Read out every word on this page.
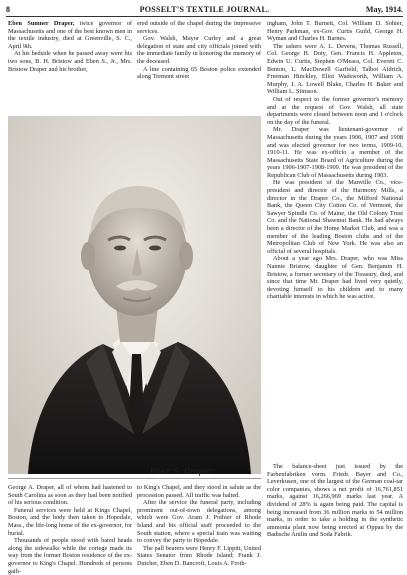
8	POSSELT'S TEXTILE JOURNAL.	May, 1914.

Eben Sumner Draper, twice governor of Massachusetts and one of the best known men in the textile industry, died at Greenville, S. C., April 9th.

At his bedside when he passed away were his two sons, B. H. Bristow and Eben S., Jr., Mrs. Bristow Draper and his brother,

ered outside of the chapel during the impressive services.

Gov. Walsh, Mayor Curley and a great delegation of state and city officials joined with the immediate family in honoring the memory of the deceased.

A line containing 65 Boston police extended along Tremont street

Eben S. Draper

ingham, John T. Burnett, Col. William D. Sohier, Henry Parkman, ex-Gov. Curtis Guild, George H. Wyman and Charles H. Barnes.

The ushers were A. L. Devens, Thomas Russell, Col. George H. Doty, Gen. Francis H. Appleton, Edwin U. Curtis, Stephen O'Meara, Col. Everett C. Benton, L. MacDowell Garfield, Talbot Aldrich, Freeman Hinckley, Eliot Wadsworth, William A. Murphy, J. A. Lowell Blake, Charles H. Baker and William L. Stimson.

Out of respect to the former governor's memory and at the request of Gov. Walsh, all state departments were closed between noon and 1 o'clock on the day of the funeral.

Mr. Draper was lieutenant-governor of Massachusetts during the years 1906, 1907 and 1908 and was elected governor for two terms, 1909-10, 1910-11. He was ex-officio a member of the Massachusetts State Board of Agriculture during the years 1906-1907-1908-1909. He was president of the Republican Club of Massachusetts during 1903.

He was president of the Manville Co., vice-president and director of the Harmony Mills, a director in the Draper Co., the Milford National Bank, the Queen City Cotton Co. of Vermont, the Sawyer Spindle Co. of Maine, the Old Colony Trust Co. and the National Shawmut Bank. He had always been a director of the Home Market Club, and was a member of the leading Boston clubs and of the Metropolitan Club of New York. He was also an official of several hospitals.

About a year ago Mrs. Draper, who was Miss Nannie Bristow, daughter of Gen. Benjamin H. Bristow, a former secretary of the Treasury, died, and since that time Mr. Draper had lived very quietly, devoting himself to his children and to many charitable interests in which he was active.

George A. Draper, all of whom had hastened to South Carolina as soon as they had been notified of his serious condition.

Funeral services were held at Kings Chapel, Boston, and the body then taken to Hopedale, Mass., the life-long home of the ex-governor, for burial.

Thousands of people stood with bared heads along the sidewalks while the cortege made its way from the former Boston residence of the ex-governor to King's Chapel. Hundreds of persons gath-

to King's Chapel, and they stood in salute as the procession passed. All traffic was halted.

After the service the funeral party, including prominent out-of-town delegations, among which were Gov. Aram J. Pothier of Rhode Island and his official staff proceeded to the South station, where a special train was waiting to convey the party to Hopedale.

The pall bearers were Henry F. Lippitt, United States Senator from Rhode Island; Frank J. Dutcher, Eben D. Bancroft, Louis A. Froth-

The balance-sheet just issued by the Farbenfabriken vorm. Friedr. Bayer and Co., Leverkusen, one of the largest of the German coal-tar color companies, shows a net profit of 16,761,851 marks, against 16,266,969 marks last year. A dividend of 28% is again being paid. The capital is being increased from 36 million marks to 54 million marks, in order to take a holding in the synthetic ammonia plant now being erected at Oppau by the Badische Anilin und Soda Fabrik.
